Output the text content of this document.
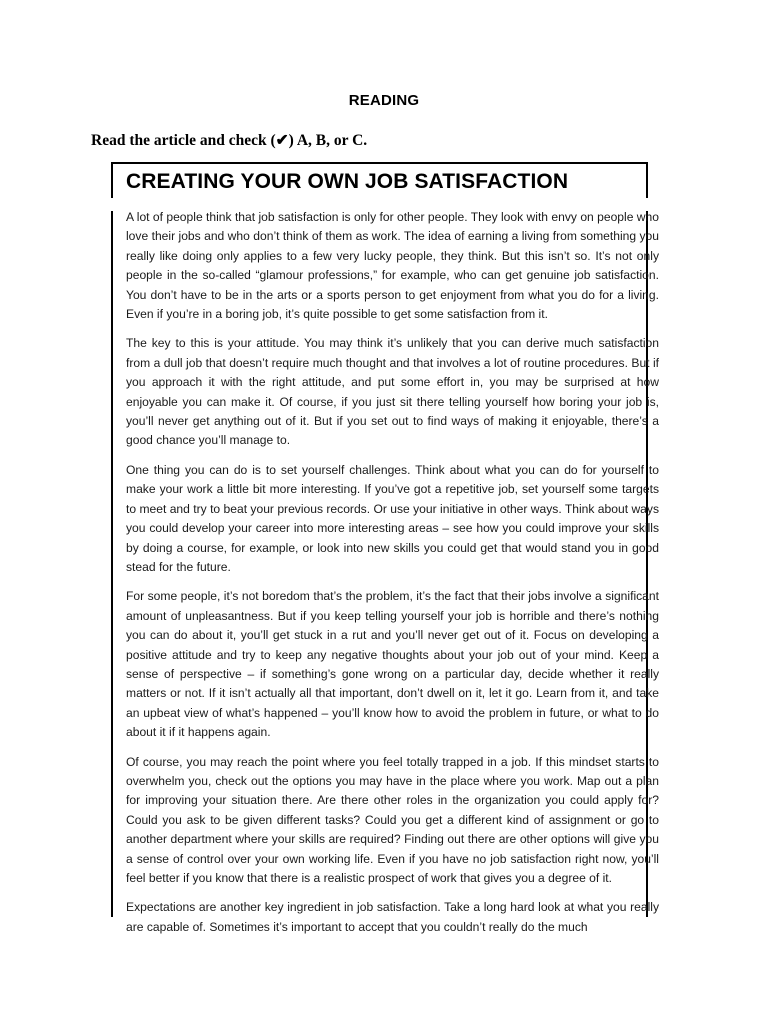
READING
Read the article and check (✔) A, B, or C.
CREATING YOUR OWN JOB SATISFACTION

A lot of people think that job satisfaction is only for other people. They look with envy on people who love their jobs and who don’t think of them as work. The idea of earning a living from something you really like doing only applies to a few very lucky people, they think. But this isn’t so. It’s not only people in the so-called “glamour professions,” for example, who can get genuine job satisfaction. You don’t have to be in the arts or a sports person to get enjoyment from what you do for a living. Even if you’re in a boring job, it’s quite possible to get some satisfaction from it.

The key to this is your attitude. You may think it’s unlikely that you can derive much satisfaction from a dull job that doesn’t require much thought and that involves a lot of routine procedures. But if you approach it with the right attitude, and put some effort in, you may be surprised at how enjoyable you can make it. Of course, if you just sit there telling yourself how boring your job is, you’ll never get anything out of it. But if you set out to find ways of making it enjoyable, there’s a good chance you’ll manage to.

One thing you can do is to set yourself challenges. Think about what you can do for yourself to make your work a little bit more interesting. If you’ve got a repetitive job, set yourself some targets to meet and try to beat your previous records. Or use your initiative in other ways. Think about ways you could develop your career into more interesting areas – see how you could improve your skills by doing a course, for example, or look into new skills you could get that would stand you in good stead for the future.

For some people, it’s not boredom that’s the problem, it’s the fact that their jobs involve a significant amount of unpleasantness. But if you keep telling yourself your job is horrible and there’s nothing you can do about it, you’ll get stuck in a rut and you’ll never get out of it. Focus on developing a positive attitude and try to keep any negative thoughts about your job out of your mind. Keep a sense of perspective – if something’s gone wrong on a particular day, decide whether it really matters or not. If it isn’t actually all that important, don’t dwell on it, let it go. Learn from it, and take an upbeat view of what’s happened – you’ll know how to avoid the problem in future, or what to do about it if it happens again.

Of course, you may reach the point where you feel totally trapped in a job. If this mindset starts to overwhelm you, check out the options you may have in the place where you work. Map out a plan for improving your situation there. Are there other roles in the organization you could apply for? Could you ask to be given different tasks? Could you get a different kind of assignment or go to another department where your skills are required? Finding out there are other options will give you a sense of control over your own working life. Even if you have no job satisfaction right now, you’ll feel better if you know that there is a realistic prospect of work that gives you a degree of it.

Expectations are another key ingredient in job satisfaction. Take a long hard look at what you really are capable of. Sometimes it’s important to accept that you couldn’t really do the much
